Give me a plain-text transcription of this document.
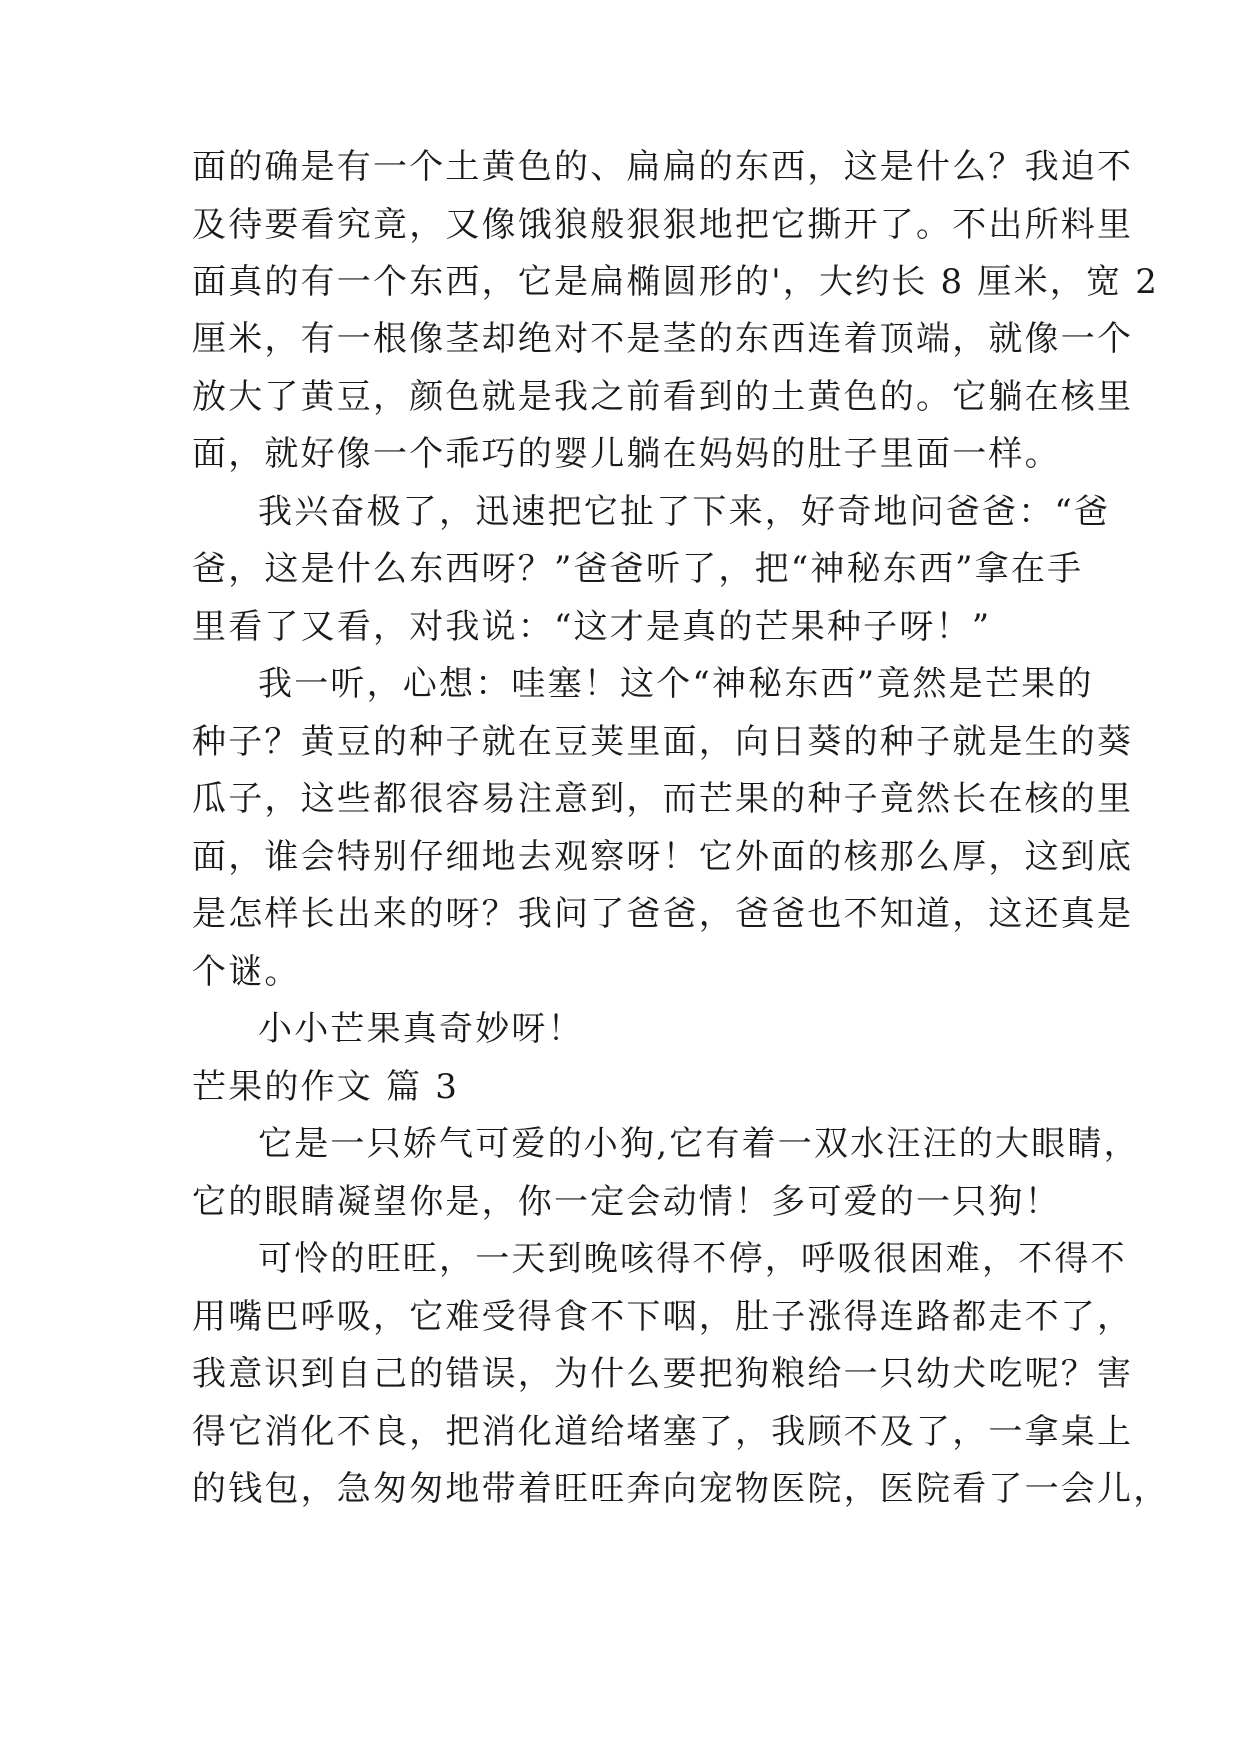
面的确是有一个土黄色的、扁扁的东西，这是什么？我迫不
及待要看究竟，又像饿狼般狠狠地把它撕开了。不出所料里
面真的有一个东西，它是扁椭圆形的'，大约长 8 厘米，宽 2
厘米，有一根像茎却绝对不是茎的东西连着顶端，就像一个
放大了黄豆，颜色就是我之前看到的土黄色的。它躺在核里
面，就好像一个乖巧的婴儿躺在妈妈的肚子里面一样。
我兴奋极了，迅速把它扯了下来，好奇地问爸爸：“爸
爸，这是什么东西呀？”爸爸听了，把“神秘东西”拿在手
里看了又看，对我说：“这才是真的芒果种子呀！”
我一听，心想：哇塞！这个“神秘东西”竟然是芒果的
种子？黄豆的种子就在豆荚里面，向日葵的种子就是生的葵
瓜子，这些都很容易注意到，而芒果的种子竟然长在核的里
面，谁会特别仔细地去观察呀！它外面的核那么厚，这到底
是怎样长出来的呀？我问了爸爸，爸爸也不知道，这还真是
个谜。
小小芒果真奇妙呀！
芒果的作文 篇 3
它是一只娇气可爱的小狗,它有着一双水汪汪的大眼睛，
它的眼睛凝望你是，你一定会动情！多可爱的一只狗！
可怜的旺旺，一天到晚咳得不停，呼吸很困难，不得不
用嘴巴呼吸，它难受得食不下咽，肚子涨得连路都走不了，
我意识到自己的错误，为什么要把狗粮给一只幼犬吃呢？害
得它消化不良，把消化道给堵塞了，我顾不及了，一拿桌上
的钱包，急匆匆地带着旺旺奔向宠物医院，医院看了一会儿，
